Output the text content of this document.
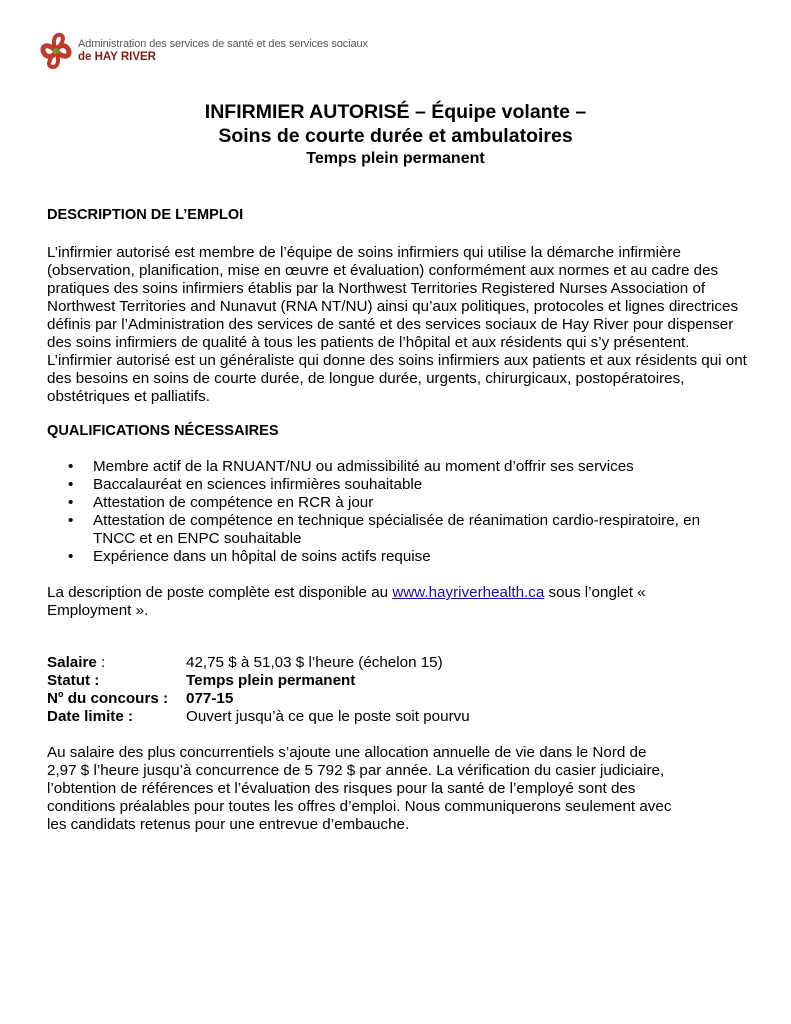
Administration des services de santé et des services sociaux
de HAY RIVER
INFIRMIER AUTORISÉ – Équipe volante –
Soins de courte durée et ambulatoires
Temps plein permanent

DESCRIPTION DE L’EMPLOI

L’infirmier autorisé est membre de l’équipe de soins infirmiers qui utilise la démarche infirmière (observation, planification, mise en œuvre et évaluation) conformément aux normes et au cadre des pratiques des soins infirmiers établis par la Northwest Territories Registered Nurses Association of Northwest Territories and Nunavut (RNA NT/NU) ainsi qu’aux politiques, protocoles et lignes directrices définis par l’Administration des services de santé et des services sociaux de Hay River pour dispenser des soins infirmiers de qualité à tous les patients de l’hôpital et aux résidents qui s’y présentent. L’infirmier autorisé est un généraliste qui donne des soins infirmiers aux patients et aux résidents qui ont des besoins en soins de courte durée, de longue durée, urgents, chirurgicaux, postopératoires, obstétriques et palliatifs.

QUALIFICATIONS NÉCESSAIRES

• Membre actif de la RNUANT/NU ou admissibilité au moment d’offrir ses services
• Baccalauréat en sciences infirmières souhaitable
• Attestation de compétence en RCR à jour
• Attestation de compétence en technique spécialisée de réanimation cardio-respiratoire, en TNCC et en ENPC souhaitable
• Expérience dans un hôpital de soins actifs requise

La description de poste complète est disponible au www.hayriverhealth.ca sous l’onglet « Employment ».

Salaire :	42,75 $ à 51,03 $ l’heure (échelon 15)
Statut :	Temps plein permanent
$N^o$ du concours :	077-15
Date limite :	Ouvert jusqu’à ce que le poste soit pourvu

Au salaire des plus concurrentiels s’ajoute une allocation annuelle de vie dans le Nord de 2,97 $ l’heure jusqu’à concurrence de 5 792 $ par année. La vérification du casier judiciaire, l’obtention de références et l’évaluation des risques pour la santé de l’employé sont des conditions préalables pour toutes les offres d’emploi. Nous communiquerons seulement avec les candidats retenus pour une entrevue d’embauche.
